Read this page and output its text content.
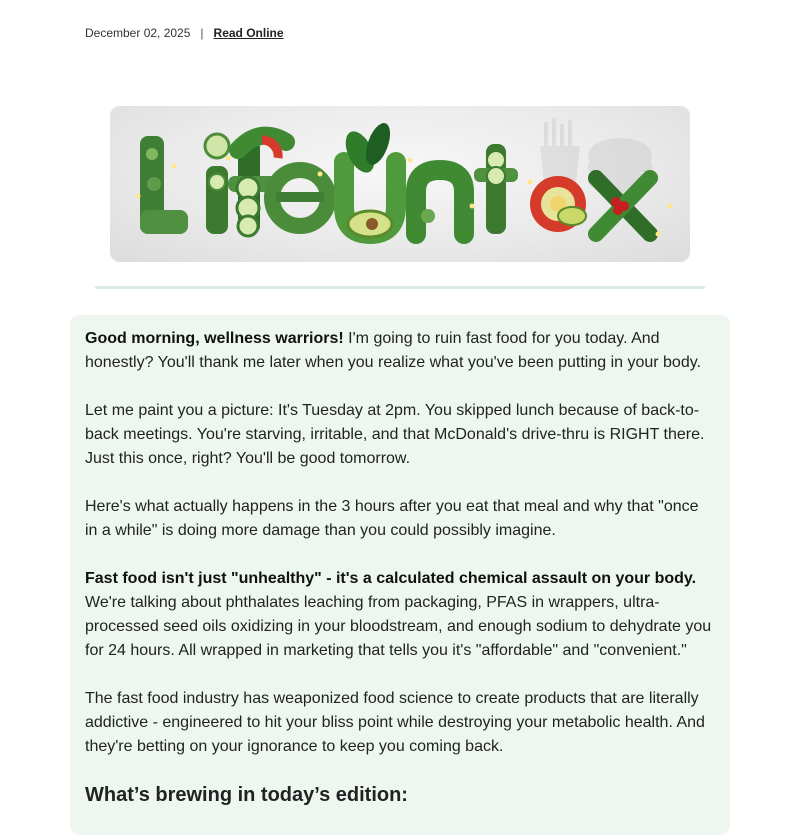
December 02, 2025 | Read Online

Good morning, wellness warriors! I'm going to ruin fast food for you today. And honestly? You'll thank me later when you realize what you've been putting in your body.

Let me paint you a picture: It's Tuesday at 2pm. You skipped lunch because of back-to-back meetings. You're starving, irritable, and that McDonald's drive-thru is RIGHT there. Just this once, right? You'll be good tomorrow.

Here's what actually happens in the 3 hours after you eat that meal and why that "once in a while" is doing more damage than you could possibly imagine.

Fast food isn't just "unhealthy" - it's a calculated chemical assault on your body. We're talking about phthalates leaching from packaging, PFAS in wrappers, ultra-processed seed oils oxidizing in your bloodstream, and enough sodium to dehydrate you for 24 hours. All wrapped in marketing that tells you it's "affordable" and "convenient."

The fast food industry has weaponized food science to create products that are literally addictive - engineered to hit your bliss point while destroying your metabolic health. And they're betting on your ignorance to keep you coming back.

What’s brewing in today’s edition:
